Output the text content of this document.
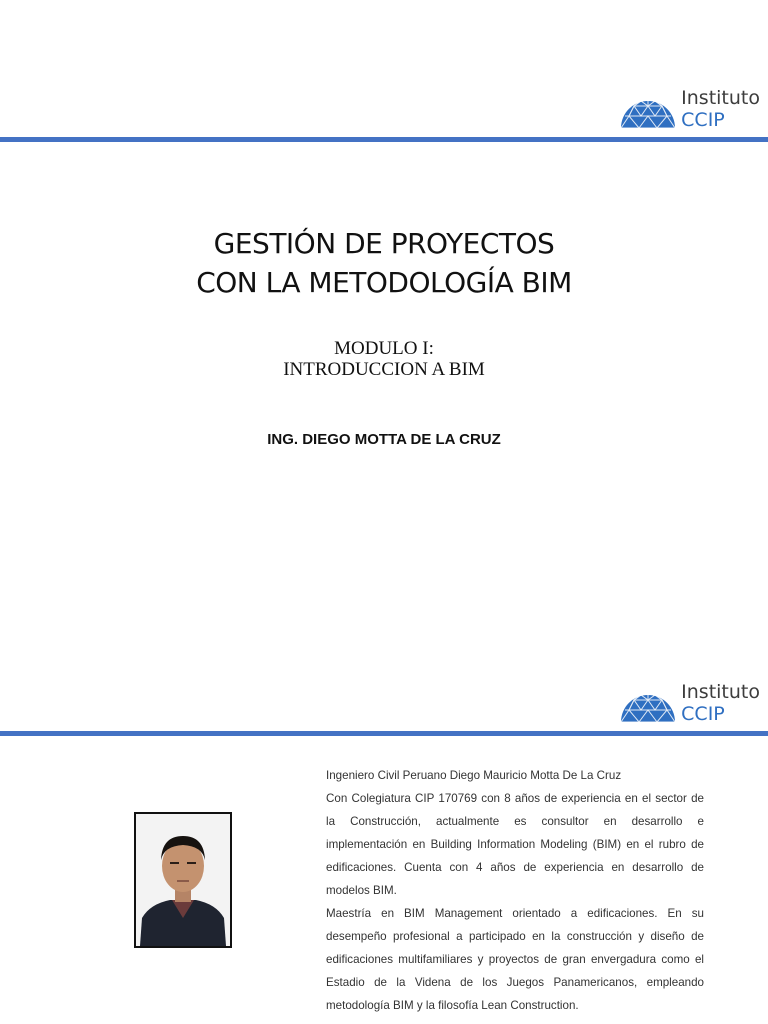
Instituto
CCIP
GESTIÓN DE PROYECTOS
CON LA METODOLOGÍA BIM
MODULO I:
INTRODUCCION A BIM
ING. DIEGO MOTTA DE LA CRUZ
Instituto
CCIP

Ingeniero Civil Peruano Diego Mauricio Motta De La Cruz

Con Colegiatura CIP 170769 con 8 años de experiencia en el sector de la Construcción, actualmente es consultor en desarrollo e implementación en Building Information Modeling (BIM) en el rubro de edificaciones. Cuenta con 4 años de experiencia en desarrollo de modelos BIM.

Maestría en BIM Management orientado a edificaciones. En su desempeño profesional a participado en la construcción y diseño de edificaciones multifamiliares y proyectos de gran envergadura como el Estadio de la Videna de los Juegos Panamericanos, empleando metodología BIM y la filosofía Lean Construction.
